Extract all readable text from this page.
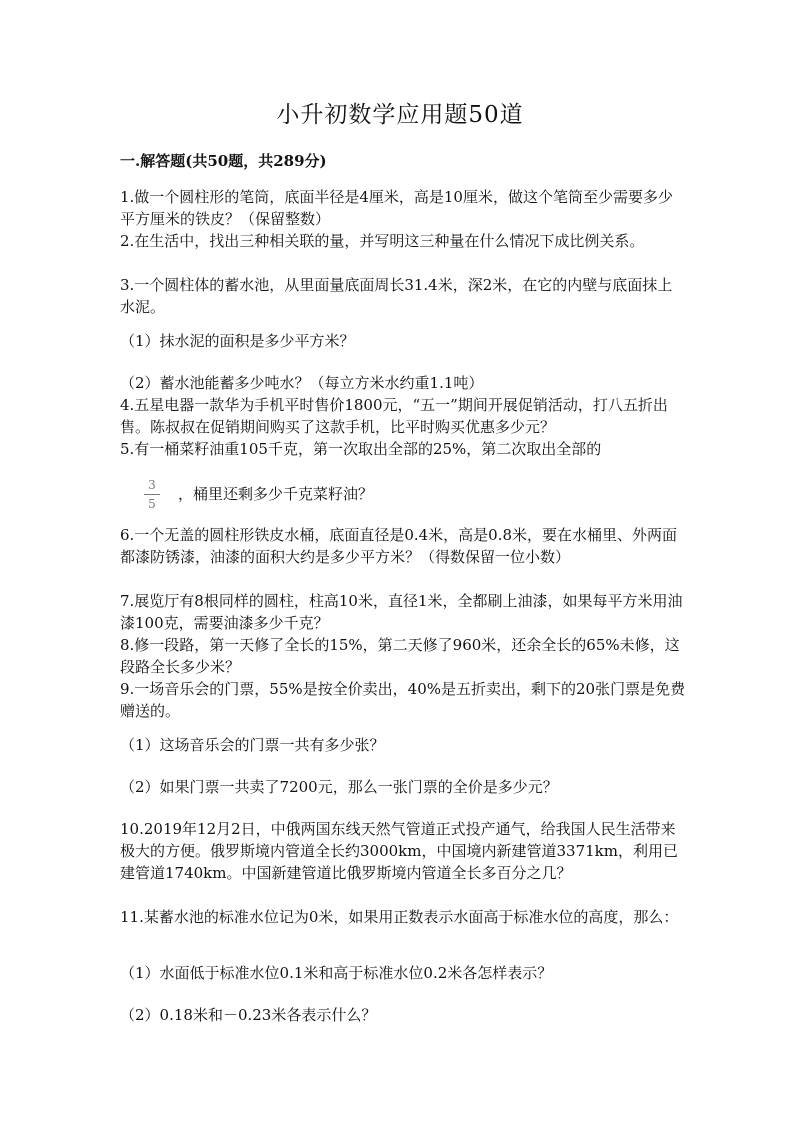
小升初数学应用题50道
一.解答题(共50题，共289分)

1.做一个圆柱形的笔筒，底面半径是4厘米，高是10厘米，做这个笔筒至少需要多少平方厘米的铁皮？（保留整数）

2.在生活中，找出三种相关联的量，并写明这三种量在什么情况下成比例关系。

3.一个圆柱体的蓄水池，从里面量底面周长31.4米，深2米，在它的内壁与底面抹上水泥。

（1）抹水泥的面积是多少平方米？

（2）蓄水池能蓄多少吨水？（每立方米水约重1.1吨）

4.五星电器一款华为手机平时售价1800元，“五一”期间开展促销活动，打八五折出售。陈叔叔在促销期间购买了这款手机，比平时购买优惠多少元？

5.有一桶菜籽油重105千克，第一次取出全部的25%，第二次取出全部的

3
5
，桶里还剩多少千克菜籽油？

6.一个无盖的圆柱形铁皮水桶，底面直径是0.4米，高是0.8米，要在水桶里、外两面都漆防锈漆，油漆的面积大约是多少平方米？（得数保留一位小数）

7.展览厅有8根同样的圆柱，柱高10米，直径1米，全都刷上油漆，如果每平方米用油漆100克，需要油漆多少千克？

8.修一段路，第一天修了全长的15%，第二天修了960米，还余全长的65%未修，这段路全长多少米？

9.一场音乐会的门票，55%是按全价卖出，40%是五折卖出，剩下的20张门票是免费赠送的。

（1）这场音乐会的门票一共有多少张？

（2）如果门票一共卖了7200元，那么一张门票的全价是多少元？

10.2019年12月2日，中俄两国东线天然气管道正式投产通气，给我国人民生活带来极大的方便。俄罗斯境内管道全长约3000km，中国境内新建管道3371km，利用已建管道1740km。中国新建管道比俄罗斯境内管道全长多百分之几？

11.某蓄水池的标准水位记为0米，如果用正数表示水面高于标准水位的高度，那么：

（1）水面低于标准水位0.1米和高于标准水位0.2米各怎样表示？

（2）0.18米和－0.23米各表示什么？
